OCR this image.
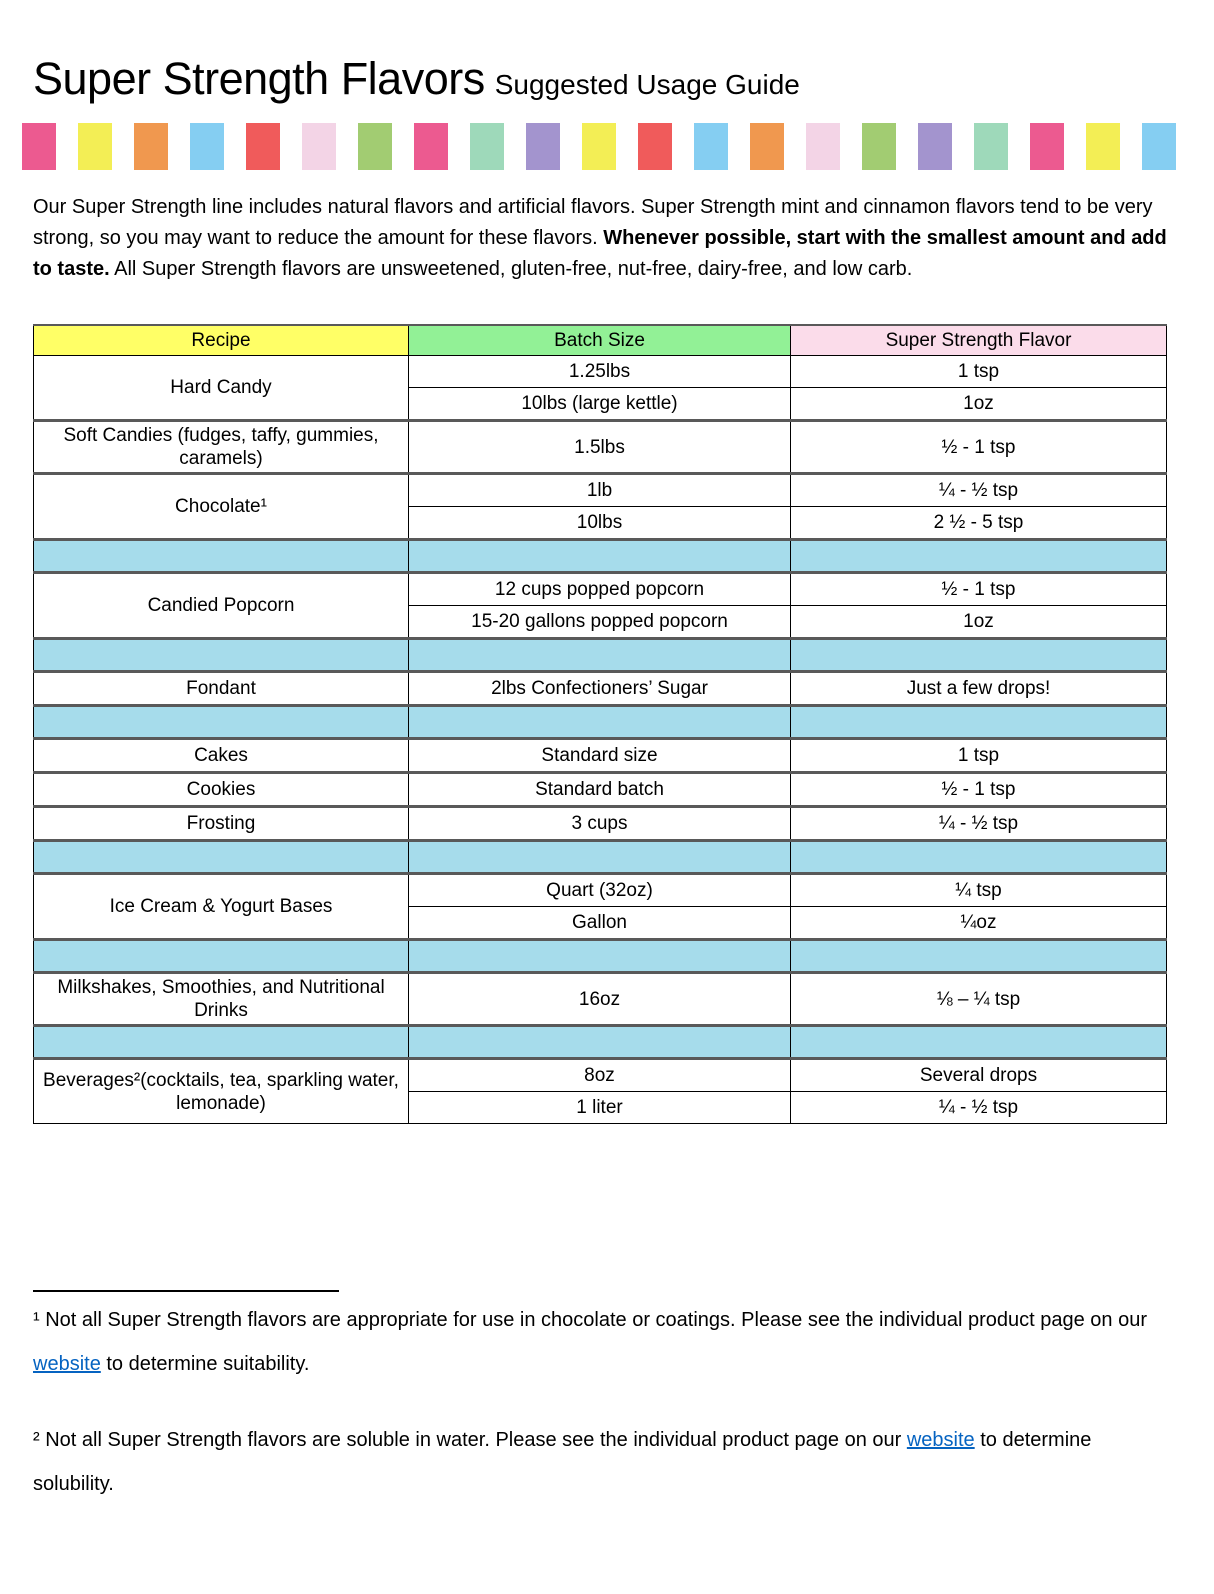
Super Strength Flavors Suggested Usage Guide

Our Super Strength line includes natural flavors and artificial flavors. Super Strength mint and cinnamon flavors tend to be very strong, so you may want to reduce the amount for these flavors. Whenever possible, start with the smallest amount and add to taste. All Super Strength flavors are unsweetened, gluten-free, nut-free, dairy-free, and low carb.

Recipe	Batch Size	Super Strength Flavor
Hard Candy	1.25lbs	1 tsp
	10lbs (large kettle)	1oz
Soft Candies (fudges, taffy, gummies, caramels)	1.5lbs	½ - 1 tsp
Chocolate¹	1lb	¼ - ½ tsp
	10lbs	2 ½ - 5 tsp

Candied Popcorn	12 cups popped popcorn	½ - 1 tsp
	15-20 gallons popped popcorn	1oz

Fondant	2lbs Confectioners’ Sugar	Just a few drops!

Cakes	Standard size	1 tsp
Cookies	Standard batch	½ - 1 tsp
Frosting	3 cups	¼ - ½ tsp

Ice Cream & Yogurt Bases	Quart (32oz)	¼ tsp
	Gallon	¼oz

Milkshakes, Smoothies, and Nutritional Drinks	16oz	⅛ – ¼ tsp

Beverages²(cocktails, tea, sparkling water, lemonade)	8oz	Several drops
	1 liter	¼ - ½ tsp

¹ Not all Super Strength flavors are appropriate for use in chocolate or coatings. Please see the individual product page on our website to determine suitability.

² Not all Super Strength flavors are soluble in water. Please see the individual product page on our website to determine solubility.
